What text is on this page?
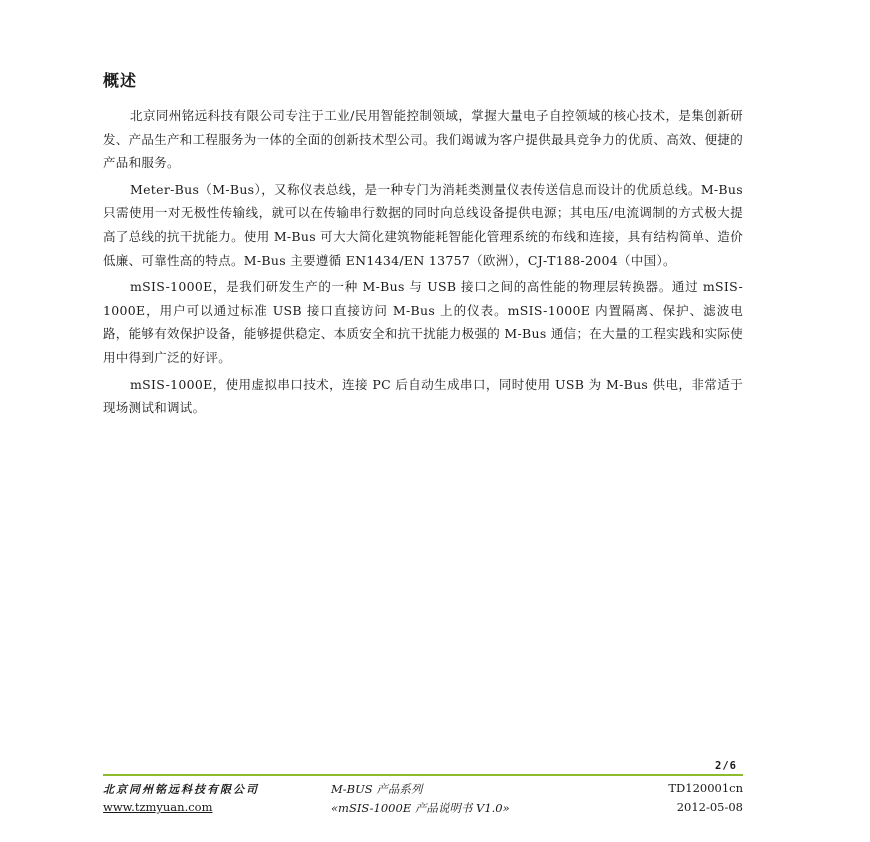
概述

北京同州铭远科技有限公司专注于工业/民用智能控制领域，掌握大量电子自控领域的核心技术，是集创新研发、产品生产和工程服务为一体的全面的创新技术型公司。我们竭诚为客户提供最具竞争力的优质、高效、便捷的产品和服务。

Meter-Bus（M-Bus），又称仪表总线，是一种专门为消耗类测量仪表传送信息而设计的优质总线。M-Bus 只需使用一对无极性传输线，就可以在传输串行数据的同时向总线设备提供电源；其电压/电流调制的方式极大提高了总线的抗干扰能力。使用 M-Bus 可大大简化建筑物能耗智能化管理系统的布线和连接，具有结构简单、造价低廉、可靠性高的特点。M-Bus 主要遵循 EN1434/EN 13757（欧洲），CJ-T188-2004（中国）。

mSIS-1000E，是我们研发生产的一种 M-Bus 与 USB 接口之间的高性能的物理层转换器。通过 mSIS-1000E，用户可以通过标准 USB 接口直接访问 M-Bus 上的仪表。mSIS-1000E 内置隔离、保护、滤波电路，能够有效保护设备，能够提供稳定、本质安全和抗干扰能力极强的 M-Bus 通信；在大量的工程实践和实际使用中得到广泛的好评。

mSIS-1000E，使用虚拟串口技术，连接 PC 后自动生成串口，同时使用 USB 为 M-Bus 供电，非常适于现场测试和调试。

2/6
北京同州铭远科技有限公司	M-BUS 产品系列	TD120001cn
www.tzmyuan.com	«mSIS-1000E 产品说明书 V1.0»	2012-05-08
